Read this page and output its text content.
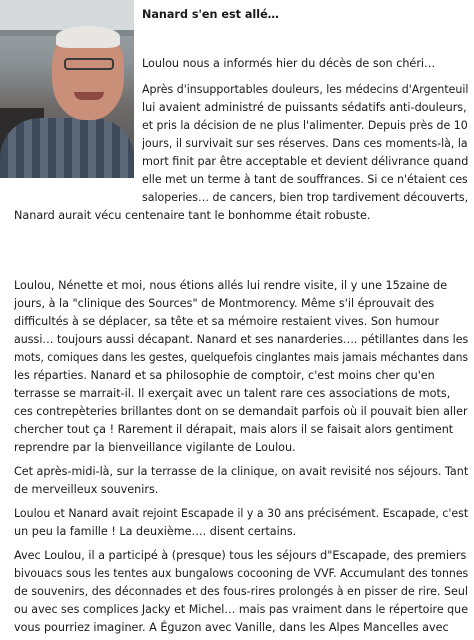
Nanard s'en est allé…
Loulou nous a informés hier du décès de son chéri…
Après d'insupportables douleurs, les médecins d'Argenteuil
lui avaient administré de puissants sédatifs anti-douleurs,
et pris la décision de ne plus l'alimenter. Depuis près de 10
jours, il survivait sur ses réserves. Dans ces moments-là, la
mort finit par être acceptable et devient délivrance quand
elle met un terme à tant de souffrances. Si ce n'étaient ces
saloperies… de cancers, bien trop tardivement découverts,
Nanard aurait vécu centenaire tant le bonhomme était robuste.
Loulou, Nénette et moi, nous étions allés lui rendre visite, il y une 15zaine de
jours, à la "clinique des Sources" de Montmorency. Même s'il éprouvait des
difficultés à se déplacer, sa tête et sa mémoire restaient vives. Son humour
aussi… toujours aussi décapant. Nanard et ses nanarderies…. pétillantes dans les
mots, comiques dans les gestes, quelquefois cinglantes mais jamais méchantes dans
les réparties. Nanard et sa philosophie de comptoir, c'est moins cher qu'en
terrasse se marrait-il. Il exerçait avec un talent rare ces associations de mots,
ces contrepèteries brillantes dont on se demandait parfois où il pouvait bien aller
chercher tout ça ! Rarement il dérapait, mais alors il se faisait alors gentiment
reprendre par la bienveillance vigilante de Loulou.
Cet après-midi-là, sur la terrasse de la clinique, on avait revisité nos séjours. Tant
de merveilleux souvenirs.
Loulou et Nanard avait rejoint Escapade il y a 30 ans précisément. Escapade, c'est
un peu la famille ! La deuxième…. disent certains.
Avec Loulou, il a participé à (presque) tous les séjours d"Escapade, des premiers
bivouacs sous les tentes aux bungalows cocooning de VVF. Accumulant des tonnes
de souvenirs, des déconnades et des fous-rires prolongés à en pisser de rire. Seul
ou avec ses complices Jacky et Michel… mais pas vraiment dans le répertoire que
vous pourriez imaginer. A Éguzon avec Vanille, dans les Alpes Mancelles avec
